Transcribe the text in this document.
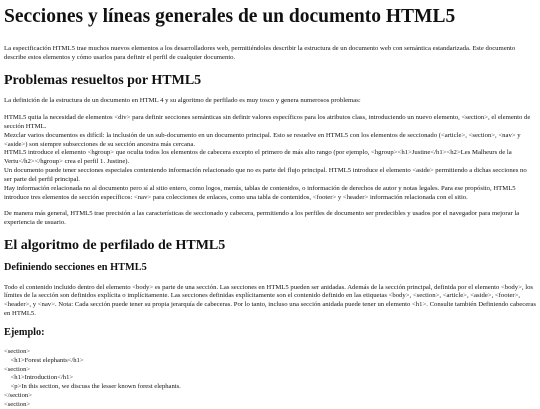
Secciones y líneas generales de un documento HTML5

La especificación HTML5 trae muchos nuevos elementos a los desarrolladores web, permitiéndoles describir la estructura de un documento web con semántica estandarizada. Este documento describe estos elementos y cómo usarlos para definir el perfil de cualquier documento.

Problemas resueltos por HTML5

La definición de la estructura de un documento en HTML 4 y su algoritmo de perfilado es muy tosco y genera numerosos problemas:

HTML5 quita la necesidad de elementos <div> para definir secciones semánticas sin definir valores específicos para los atributos class, introduciendo un nuevo elemento, <section>, el elemento de sección HTML.

Mezclar varios documentos es difícil: la inclusión de un sub-documento en un documento principal. Esto se resuelve en HTML5 con los elementos de seccionado (<article>, <section>, <nav> y <aside>) son siempre subsecciones de su sección ancestra más cercana.

HTML5 introduce el elemento <hgroup> que oculta todos los elementos de cabecera excepto el primero de más alto rango (por ejemplo, <hgroup><h1>Justine</h1><h2>Les Malheurs de la Vertu</h2></hgroup> crea el perfil 1. Justine).

Un documento puede tener secciones especiales conteniendo información relacionado que no es parte del flujo principal. HTML5 introduce el elemento <aside> permitiendo a dichas secciones no ser parte del perfil principal.

Hay información relacionada no al documento pero sí al sitio entero, como logos, menús, tablas de contenidos, o información de derechos de autor y notas legales. Para ese propósito, HTML5 introduce tres elementos de sección específicos: <nav> para colecciones de enlaces, como una tabla de contenidos, <footer> y <header> información relacionada con el sitio.

De manera más general, HTML5 trae precisión a las características de seccionado y cabecera, permitiendo a los perfiles de documento ser predecibles y usados por el navegador para mejorar la experiencia de usuario.

El algoritmo de perfilado de HTML5
Definiendo secciones en HTML5

Todo el contenido incluido dentro del elemento <body> es parte de una sección. Las secciones en HTML5 pueden ser anidadas. Además de la sección principal, definida por el elemento <body>, los límites de la sección son definidos explícita o implícitamente. Las secciones definidas explícitamente son el contenido definido en las etiquetas <body>, <section>, <article>, <aside>, <footer>, <header>, y <nav>. Nota: Cada sección puede tener su propia jerarquía de cabeceras. Por lo tanto, incluso una sección anidada puede tener un elemento <h1>. Consulte también Definiendo cabeceras en HTML5.

Ejemplo:
<section>
<h1>Forest elephants</h1>
<section>
<h1>Introduction</h1>
<p>In this section, we discuss the lesser known forest elephants.
</section>
<section>
